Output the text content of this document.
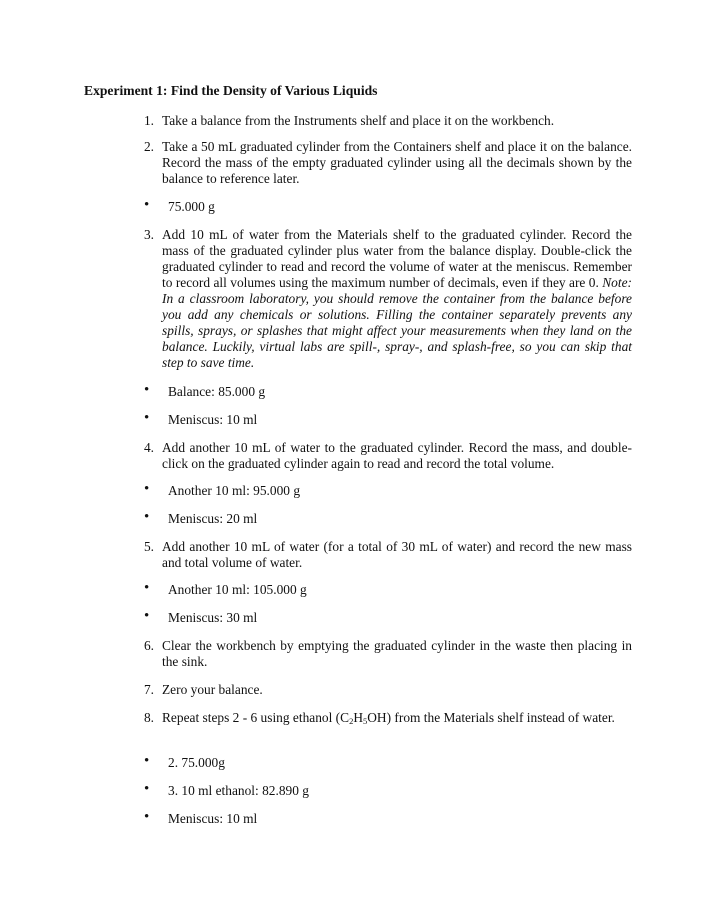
Experiment 1: Find the Density of Various Liquids
1. Take a balance from the Instruments shelf and place it on the workbench.
2. Take a 50 mL graduated cylinder from the Containers shelf and place it on the balance. Record the mass of the empty graduated cylinder using all the decimals shown by the balance to reference later.
• 75.000 g
3. Add 10 mL of water from the Materials shelf to the graduated cylinder. Record the mass of the graduated cylinder plus water from the balance display. Double-click the graduated cylinder to read and record the volume of water at the meniscus. Remember to record all volumes using the maximum number of decimals, even if they are 0. Note: In a classroom laboratory, you should remove the container from the balance before you add any chemicals or solutions. Filling the container separately prevents any spills, sprays, or splashes that might affect your measurements when they land on the balance. Luckily, virtual labs are spill-, spray-, and splash-free, so you can skip that step to save time.
• Balance: 85.000 g
• Meniscus: 10 ml
4. Add another 10 mL of water to the graduated cylinder. Record the mass, and double-click on the graduated cylinder again to read and record the total volume.
• Another 10 ml: 95.000 g
• Meniscus: 20 ml
5. Add another 10 mL of water (for a total of 30 mL of water) and record the new mass and total volume of water.
• Another 10 ml: 105.000 g
• Meniscus: 30 ml
6. Clear the workbench by emptying the graduated cylinder in the waste then placing in the sink.
7. Zero your balance.
8. Repeat steps 2 - 6 using ethanol $(C_2H_5OH)$ from the Materials shelf instead of water.
• 2. 75.000g
• 3. 10 ml ethanol: 82.890 g
• Meniscus: 10 ml
